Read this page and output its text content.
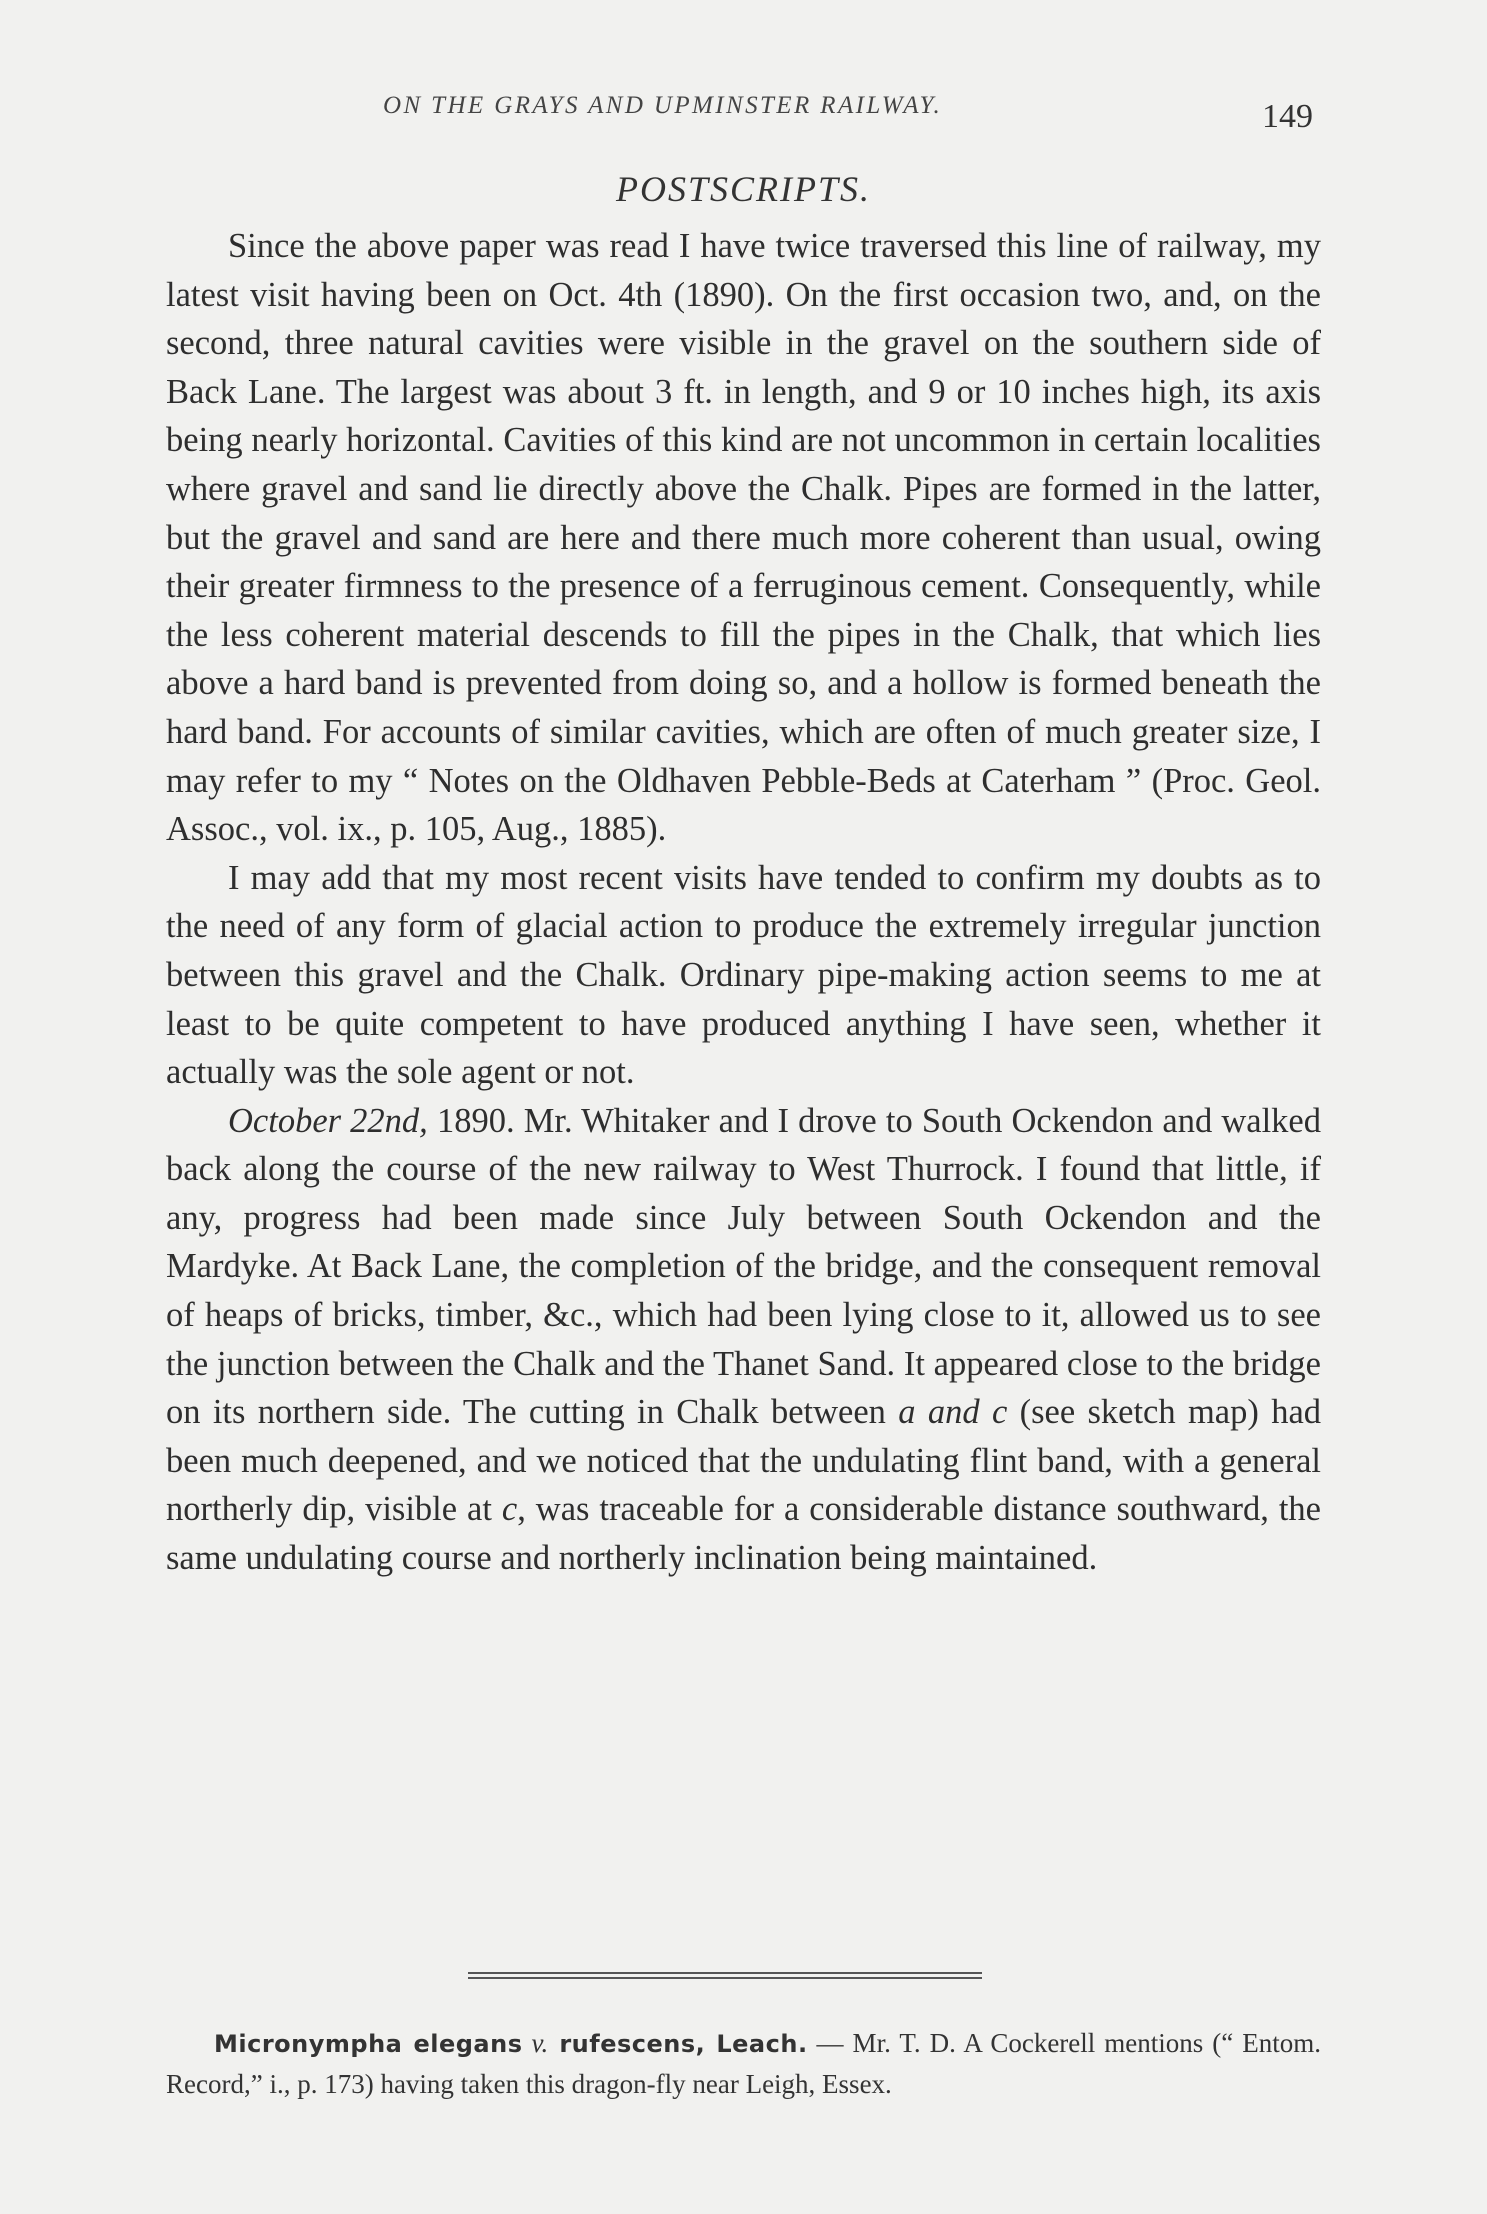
ON THE GRAYS AND UPMINSTER RAILWAY.	149
POSTSCRIPTS.

Since the above paper was read I have twice traversed this line of railway, my latest visit having been on Oct. 4th (1890). On the first occasion two, and, on the second, three natural cavities were visible in the gravel on the southern side of Back Lane. The largest was about 3 ft. in length, and 9 or 10 inches high, its axis being nearly horizontal. Cavities of this kind are not uncommon in certain localities where gravel and sand lie directly above the Chalk. Pipes are formed in the latter, but the gravel and sand are here and there much more coherent than usual, owing their greater firmness to the presence of a ferruginous cement. Consequently, while the less coherent material descends to fill the pipes in the Chalk, that which lies above a hard band is prevented from doing so, and a hollow is formed beneath the hard band. For accounts of similar cavities, which are often of much greater size, I may refer to my “ Notes on the Oldhaven Pebble-Beds at Caterham ” (Proc. Geol. Assoc., vol. ix., p. 105, Aug., 1885).

I may add that my most recent visits have tended to confirm my doubts as to the need of any form of glacial action to produce the extremely irregular junction between this gravel and the Chalk. Ordinary pipe-making action seems to me at least to be quite competent to have produced anything I have seen, whether it actually was the sole agent or not.

October 22nd, 1890. Mr. Whitaker and I drove to South Ockendon and walked back along the course of the new railway to West Thurrock. I found that little, if any, progress had been made since July between South Ockendon and the Mardyke. At Back Lane, the completion of the bridge, and the consequent removal of heaps of bricks, timber, &c., which had been lying close to it, allowed us to see the junction between the Chalk and the Thanet Sand. It appeared close to the bridge on its northern side. The cutting in Chalk between a and c (see sketch map) had been much deepened, and we noticed that the undulating flint band, with a general northerly dip, visible at c, was traceable for a considerable distance southward, the same undulating course and northerly inclination being maintained.

Micronympha elegans v. rufescens, Leach. — Mr. T. D. A Cockerell mentions (“ Entom. Record,” i., p. 173) having taken this dragon-fly near Leigh, Essex.
